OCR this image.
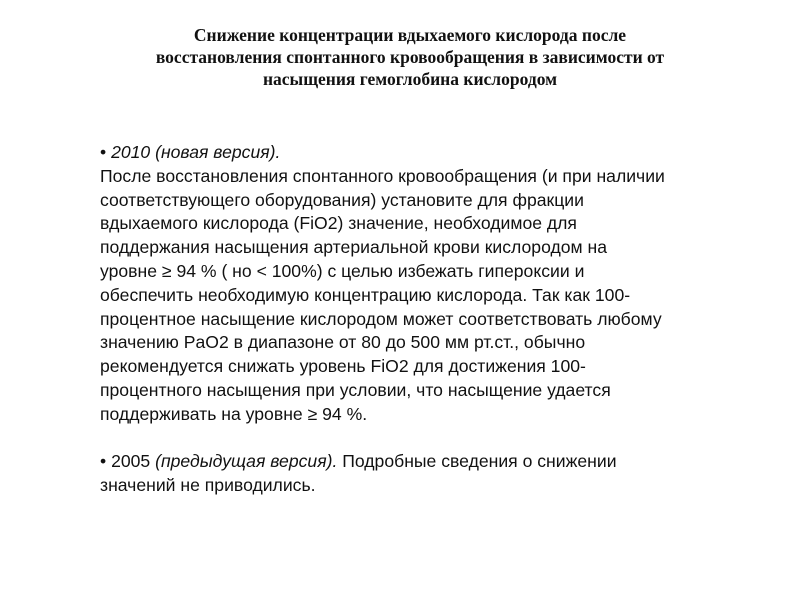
Снижение концентрации вдыхаемого кислорода после
восстановления спонтанного кровообращения в зависимости от
насыщения гемоглобина кислородом
• 2010 (новая версия).
После восстановления спонтанного кровообращения (и при наличии
соответствующего оборудования) установите для фракции
вдыхаемого кислорода (FiO2) значение, необходимое для
поддержания насыщения артериальной крови кислородом на
уровне ≥ 94 % ( но < 100%) с целью избежать гипероксии и
обеспечить необходимую концентрацию кислорода. Так как 100-
процентное насыщение кислородом может соответствовать любому
значению PaO2 в диапазоне от 80 до 500 мм рт.ст., обычно
рекомендуется снижать уровень FiO2 для достижения 100-
процентного насыщения при условии, что насыщение удается
поддерживать на уровне ≥ 94 %.
• 2005 (предыдущая версия). Подробные сведения о снижении
значений не приводились.
